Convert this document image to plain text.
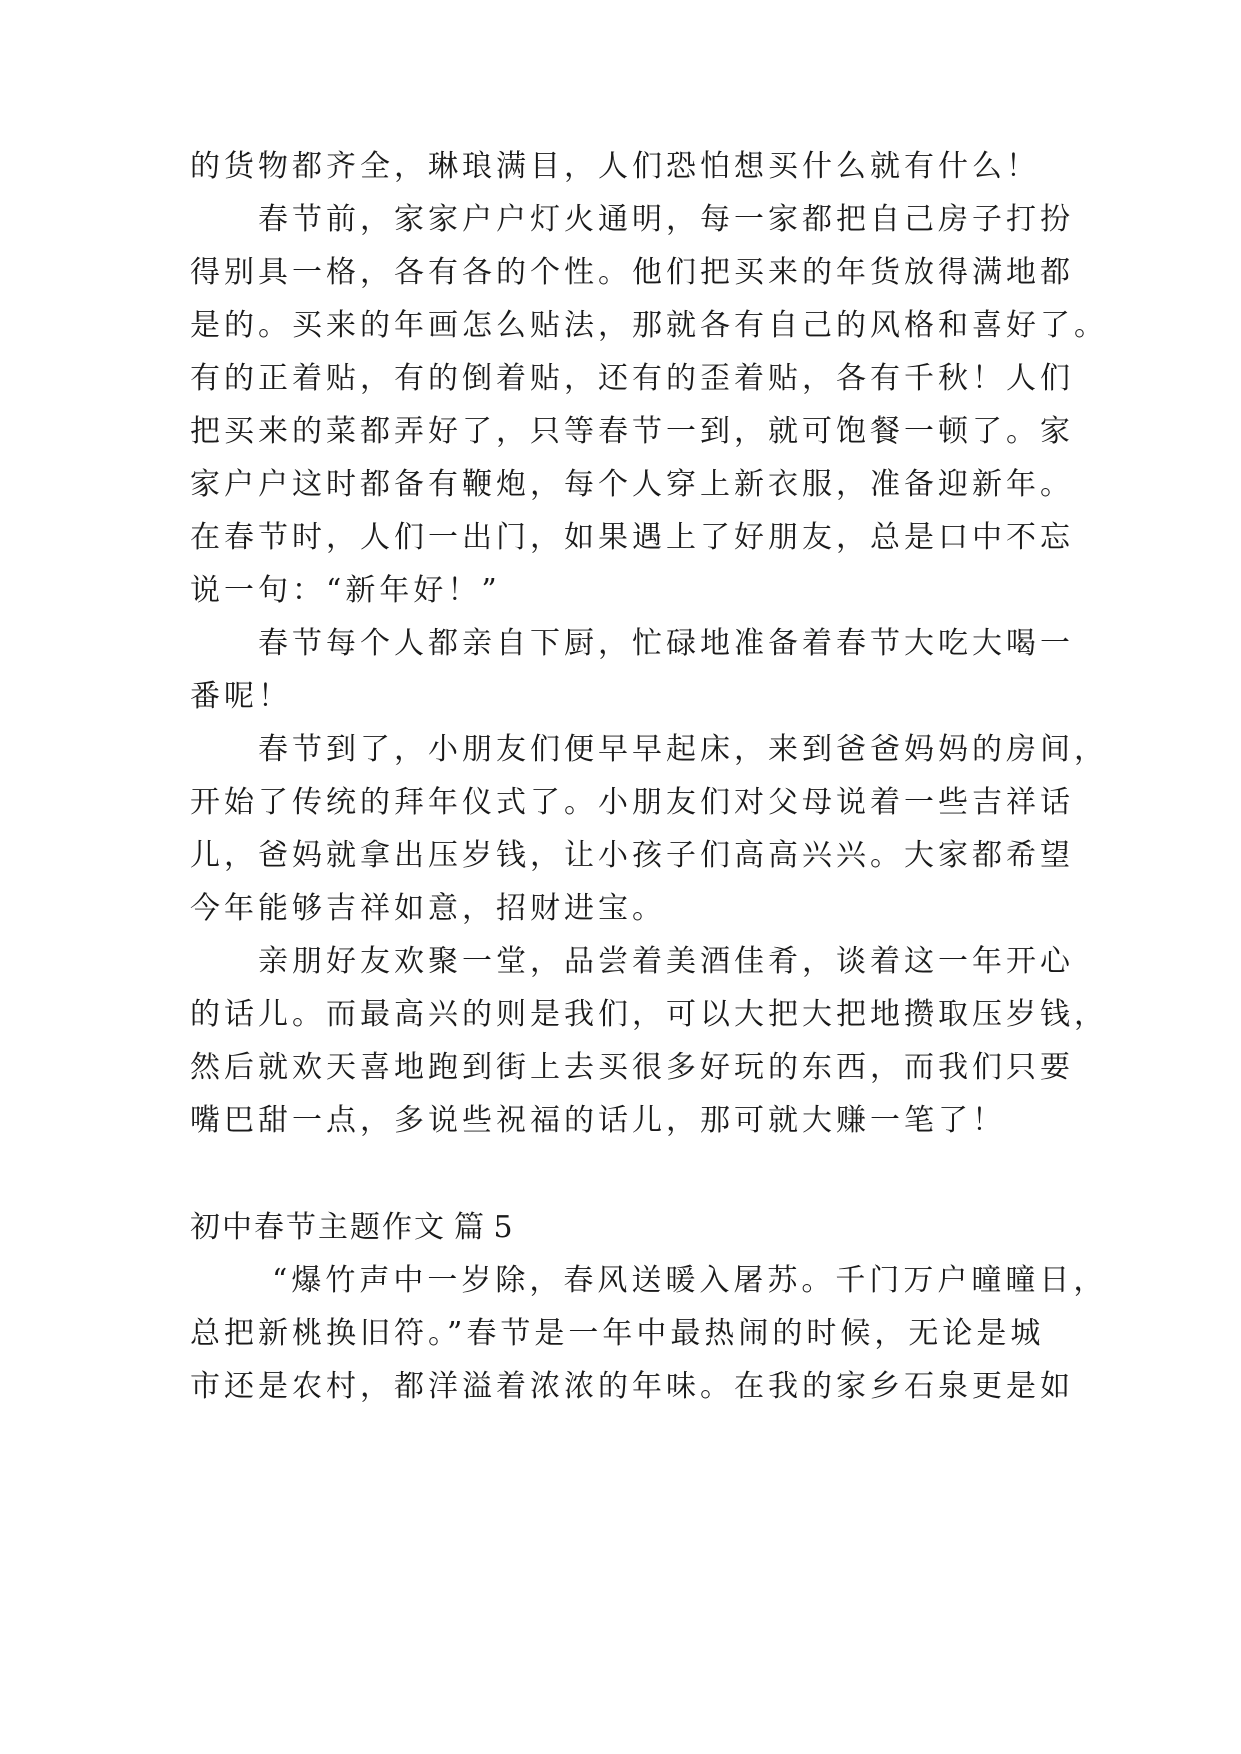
的货物都齐全，琳琅满目，人们恐怕想买什么就有什么！
春节前，家家户户灯火通明，每一家都把自己房子打扮
得别具一格，各有各的个性。他们把买来的年货放得满地都
是的。买来的年画怎么贴法，那就各有自己的风格和喜好了。
有的正着贴，有的倒着贴，还有的歪着贴，各有千秋！人们
把买来的菜都弄好了，只等春节一到，就可饱餐一顿了。家
家户户这时都备有鞭炮，每个人穿上新衣服，准备迎新年。
在春节时，人们一出门，如果遇上了好朋友，总是口中不忘
说一句：“新年好！”
春节每个人都亲自下厨，忙碌地准备着春节大吃大喝一
番呢！
春节到了，小朋友们便早早起床，来到爸爸妈妈的房间，
开始了传统的拜年仪式了。小朋友们对父母说着一些吉祥话
儿，爸妈就拿出压岁钱，让小孩子们高高兴兴。大家都希望
今年能够吉祥如意，招财进宝。
亲朋好友欢聚一堂，品尝着美酒佳肴，谈着这一年开心
的话儿。而最高兴的则是我们，可以大把大把地攒取压岁钱，
然后就欢天喜地跑到街上去买很多好玩的东西，而我们只要
嘴巴甜一点，多说些祝福的话儿，那可就大赚一笔了！
初中春节主题作文 篇 5
“爆竹声中一岁除，春风送暖入屠苏。千门万户曈曈日，
总把新桃换旧符。”春节是一年中最热闹的时候，无论是城
市还是农村，都洋溢着浓浓的年味。在我的家乡石泉更是如
